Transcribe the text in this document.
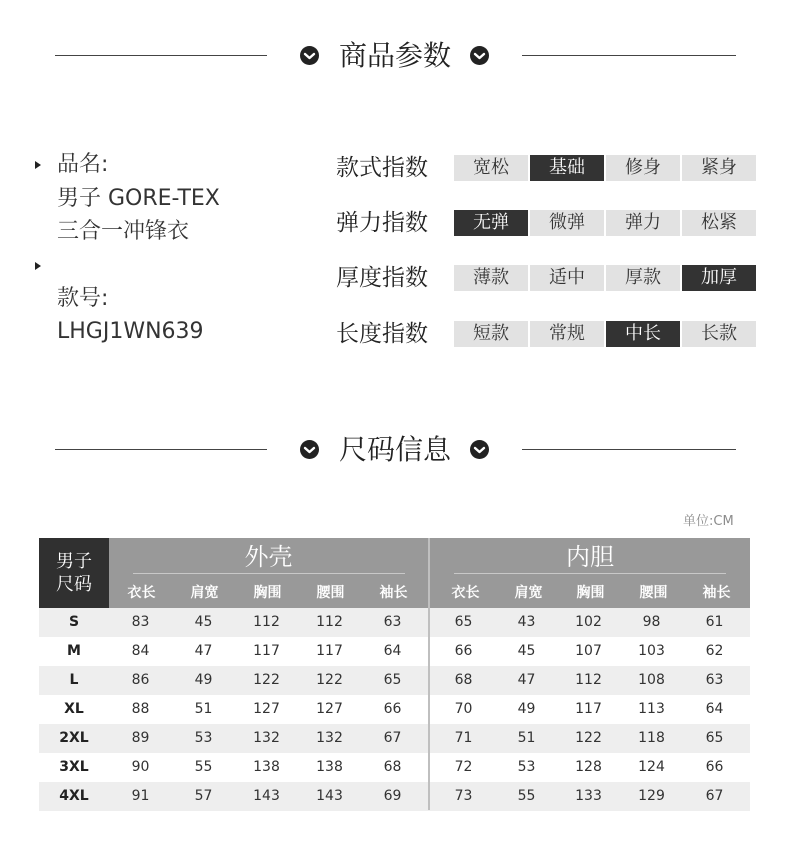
商品参数
品名:
男子 GORE-TEX
三合一冲锋衣
款号:
LHGJ1WN639
款式指数	宽松	基础	修身	紧身
弹力指数	无弹	微弹	弹力	松紧
厚度指数	薄款	适中	厚款	加厚
长度指数	短款	常规	中长	长款
尺码信息
单位:CM
男子
尺码
外壳
衣长	肩宽	胸围	腰围	袖长
内胆
衣长	肩宽	胸围	腰围	袖长
S	83	45	112	112	63	65	43	102	98	61
M	84	47	117	117	64	66	45	107	103	62
L	86	49	122	122	65	68	47	112	108	63
XL	88	51	127	127	66	70	49	117	113	64
2XL	89	53	132	132	67	71	51	122	118	65
3XL	90	55	138	138	68	72	53	128	124	66
4XL	91	57	143	143	69	73	55	133	129	67
